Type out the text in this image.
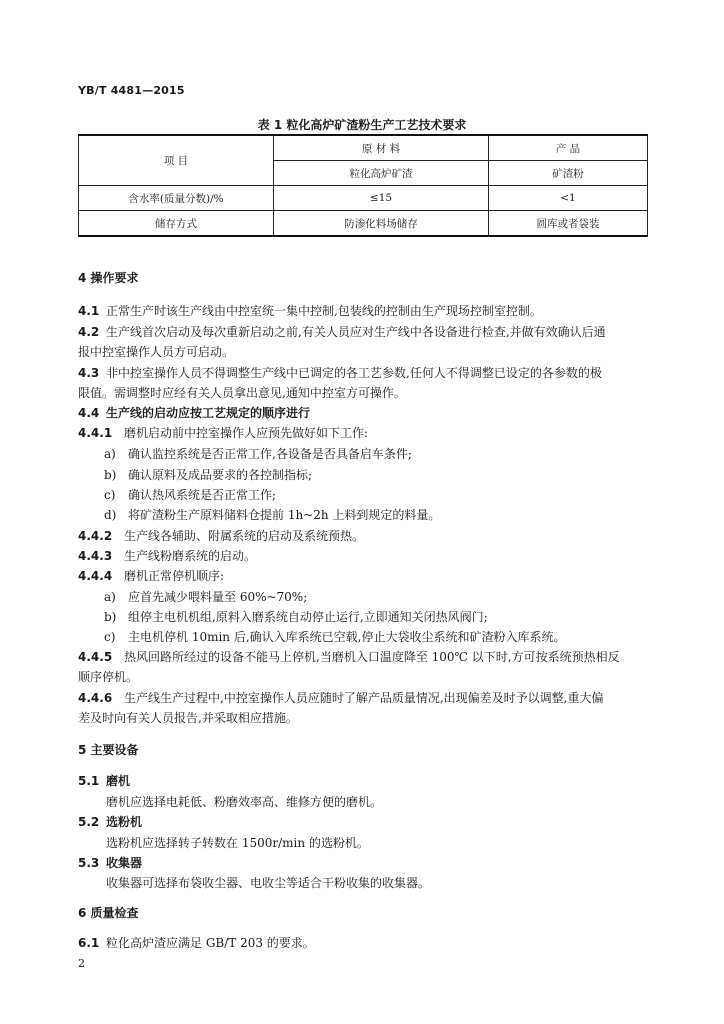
YB/T 4481—2015
表 1 粒化高炉矿渣粉生产工艺技术要求
项 目	原 材 料	产 品
	粒化高炉矿渣	矿渣粉
含水率(质量分数)/%	≤15	<1
储存方式	防渗化料场储存	圆库或者袋装
4 操作要求
4.1 正常生产时该生产线由中控室统一集中控制,包装线的控制由生产现场控制室控制。
4.2 生产线首次启动及每次重新启动之前,有关人员应对生产线中各设备进行检查,并做有效确认后通
报中控室操作人员方可启动。
4.3 非中控室操作人员不得调整生产线中已调定的各工艺参数,任何人不得调整已设定的各参数的极
限值。需调整时应经有关人员拿出意见,通知中控室方可操作。
4.4 生产线的启动应按工艺规定的顺序进行
4.4.1 磨机启动前中控室操作人应预先做好如下工作:
a) 确认监控系统是否正常工作,各设备是否具备启车条件;
b) 确认原料及成品要求的各控制指标;
c) 确认热风系统是否正常工作;
d) 将矿渣粉生产原料储料仓提前 1h~2h 上料到规定的料量。
4.4.2 生产线各辅助、附属系统的启动及系统预热。
4.4.3 生产线粉磨系统的启动。
4.4.4 磨机正常停机顺序:
a) 应首先减少喂料量至 60%~70%;
b) 组停主电机机组,原料入磨系统自动停止运行,立即通知关闭热风阀门;
c) 主电机停机 10min 后,确认入库系统已空载,停止大袋收尘系统和矿渣粉入库系统。
4.4.5 热风回路所经过的设备不能马上停机,当磨机入口温度降至 100℃ 以下时,方可按系统预热相反
顺序停机。
4.4.6 生产线生产过程中,中控室操作人员应随时了解产品质量情况,出现偏差及时予以调整,重大偏
差及时向有关人员报告,并采取相应措施。
5 主要设备
5.1 磨机
磨机应选择电耗低、粉磨效率高、维修方便的磨机。
5.2 选粉机
选粉机应选择转子转数在 1500r/min 的选粉机。
5.3 收集器
收集器可选择布袋收尘器、电收尘等适合干粉收集的收集器。
6 质量检查
6.1 粒化高炉渣应满足 GB/T 203 的要求。
2
